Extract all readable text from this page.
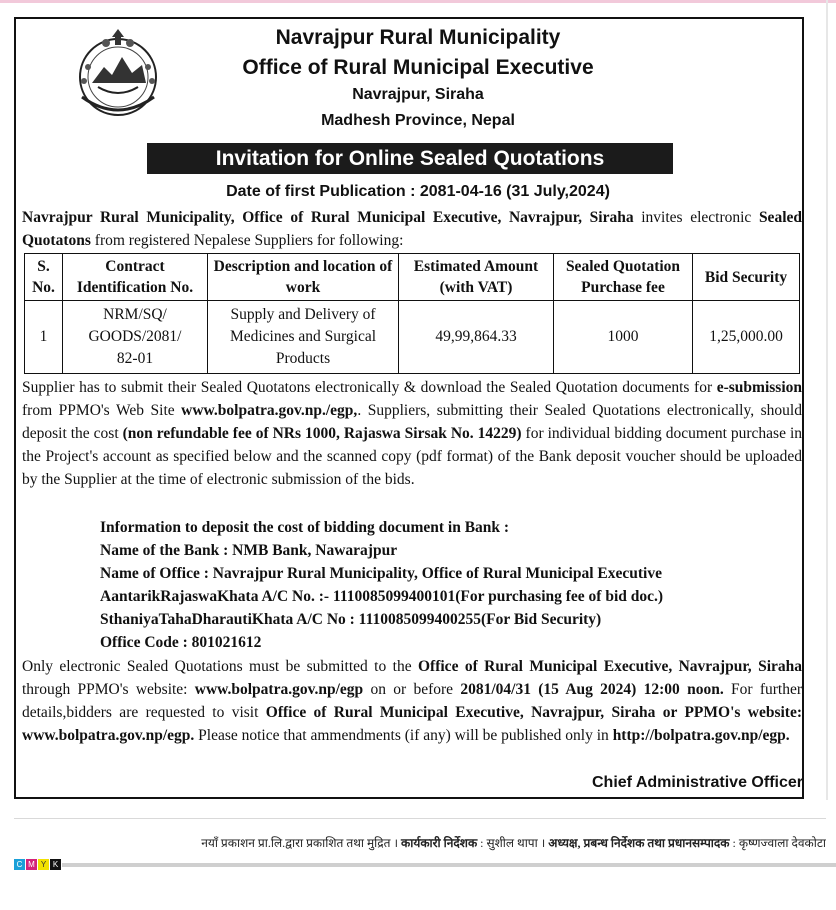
Navrajpur Rural Municipality
Office of Rural Municipal Executive
Navrajpur, Siraha
Madhesh Province, Nepal
Invitation for Online Sealed Quotations
Date of first Publication : 2081-04-16 (31 July,2024)
Navrajpur Rural Municipality, Office of Rural Municipal Executive, Navrajpur, Siraha invites electronic Sealed Quotatons from registered Nepalese Suppliers for following:
S. No.	Contract Identification No.	Description and location of work	Estimated Amount (with VAT)	Sealed Quotation Purchase fee	Bid Security
1	NRM/SQ/ GOODS/2081/ 82-01	Supply and Delivery of Medicines and Surgical Products	49,99,864.33	1000	1,25,000.00
Supplier has to submit their Sealed Quotatons electronically & download the Sealed Quotation documents for e-submission from PPMO's Web Site www.bolpatra.gov.np./egp,. Suppliers, submitting their Sealed Quotations electronically, should deposit the cost (non refundable fee of NRs 1000, Rajaswa Sirsak No. 14229) for individual bidding document purchase in the Project's account as specified below and the scanned copy (pdf format) of the Bank deposit voucher should be uploaded by the Supplier at the time of electronic submission of the bids.
Information to deposit the cost of bidding document in Bank :
Name of the Bank : NMB Bank, Nawarajpur
Name of Office : Navrajpur Rural Municipality, Office of Rural Municipal Executive
AantarikRajaswaKhata A/C No. :- 1110085099400101(For purchasing fee of bid doc.)
SthaniyaTahaDharautiKhata A/C No : 1110085099400255(For Bid Security)
Office Code : 801021612
Only electronic Sealed Quotations must be submitted to the Office of Rural Municipal Executive, Navrajpur, Siraha through PPMO's website: www.bolpatra.gov.np/egp on or before 2081/04/31 (15 Aug 2024) 12:00 noon. For further details,bidders are requested to visit Office of Rural Municipal Executive, Navrajpur, Siraha or PPMO's website: www.bolpatra.gov.np/egp. Please notice that ammendments (if any) will be published only in http://bolpatra.gov.np/egp.
Chief Administrative Officer
नयाँ प्रकाशन प्रा.लि.द्वारा प्रकाशित तथा मुद्रित । कार्यकारी निर्देशक : सुशील थापा । अध्यक्ष, प्रबन्ध निर्देशक तथा प्रधानसम्पादक : कृष्णज्वाला देवकोटा
C M Y K
